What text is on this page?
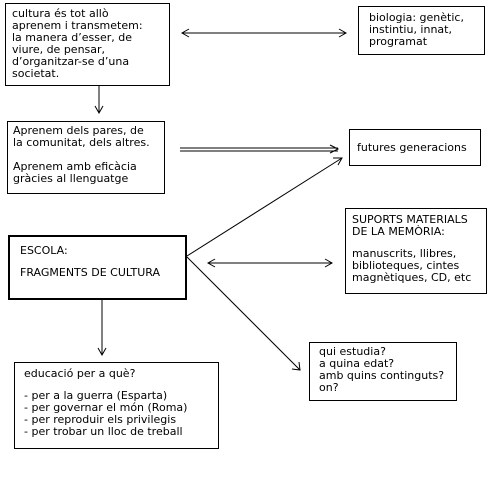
cultura és tot allò
aprenem i transmetem:
la manera d’esser, de
viure, de pensar,
d’organitzar-se d’una
societat.
biologia: genètic,
instintiu, innat,
programat
Aprenem dels pares, de
la comunitat, dels altres.
Aprenem amb eficàcia
gràcies al llenguatge
futures generacions
ESCOLA:
FRAGMENTS DE CULTURA
SUPORTS MATERIALS
DE LA MEMÒRIA:
manuscrits, llibres,
biblioteques, cintes
magnètiques, CD, etc
educació per a què?
- per a la guerra (Esparta)
- per governar el món (Roma)
- per reproduir els privilegis
- per trobar un lloc de treball
qui estudia?
a quina edat?
amb quins continguts?
on?
